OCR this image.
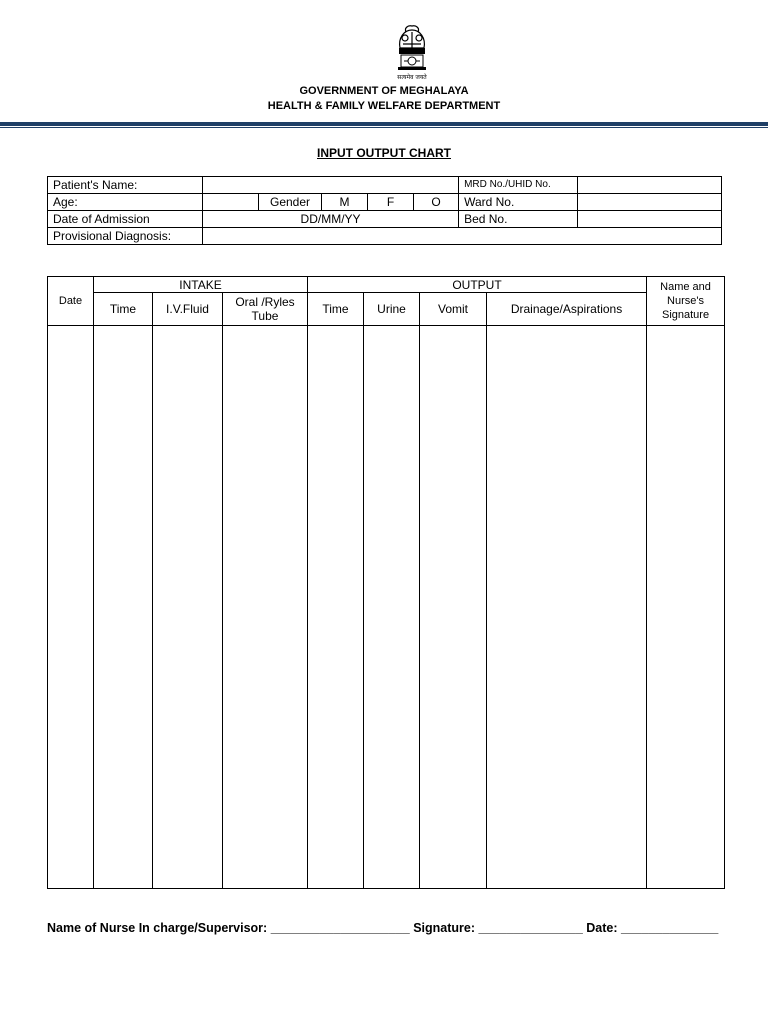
सत्यमेव जयते
GOVERNMENT OF MEGHALAYA
HEALTH & FAMILY WELFARE DEPARTMENT
INPUT OUTPUT CHART
Patient's Name:						MRD No./UHID No.	
Age:		Gender	M	F	O	Ward No.	
Date of Admission	DD/MM/YY					Bed No.	
Provisional Diagnosis:							
Date	INTAKE			OUTPUT				Name and Nurse's Signature
	Time	I.V.Fluid	Oral /Ryles Tube	Time	Urine	Vomit	Drainage/Aspirations	

Name of Nurse In charge/Supervisor: ____________________ Signature: _______________ Date: ______________
